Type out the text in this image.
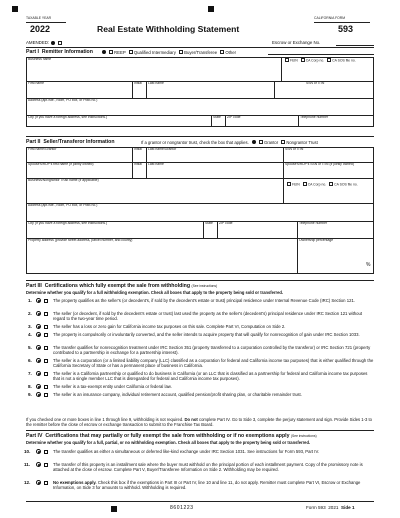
TAXABLE YEAR
2022	Real Estate Withholding Statement
CALIFORNIA FORM
593
AMENDED:	Escrow or Exchange No.
Part I Remitter Information	REEP Qualified Intermediary Buyer/Transferee Other
Business name	FEIN CA Corp no. CA SOS file no.
First name	Initial Last name	SSN or ITIN
Address (apt./ste., room, PO box, or PMB no.)
City (If you have a foreign address, see instructions.)	State ZIP code	Telephone number
Part II Seller/Transferor Information	If a grantor or nongrantor trust, check the box that applies.	Grantor Nongrantor Trust
First name/Grantor	Initial Last name/Grantor	SSN or ITIN
Spouse's/RDP's first name (if jointly owned)	Initial Last name	Spouse's/RDP's SSN or ITIN (if jointly owned)
Business/Nongrantor Trust name (if applicable)
FEIN CA Corp no. CA SOS file no.
Address (apt./ste., room, PO box, or PMB no.)
City (If you have a foreign address, see instructions.)	State ZIP code	Telephone number
Property address (provide street address, parcel number, and county)	Ownership percentage
%
Part III Certifications which fully exempt the sale from withholding (See instructions)
Determine whether you qualify for a full withholding exemption. Check all boxes that apply to the property being sold or transferred.
1.	The property qualifies as the seller's (or decedent's, if sold by the decedent's estate or trust) principal residence under Internal Revenue Code (IRC) Section 121.
2.	The seller (or decedent, if sold by the decedent's estate or trust) last used the property as the seller's (decedent's) principal residence under IRC Section 121 without regard to the two-year time period.
3.	The seller has a loss or zero gain for California income tax purposes on this sale. Complete Part VI, Computation on Side 2.
4.	The property is compulsorily or involuntarily converted, and the seller intends to acquire property that will qualify for nonrecognition of gain under IRC Section 1033.
5.	The transfer qualifies for nonrecognition treatment under IRC Section 351 (property transferred to a corporation controlled by the transferor) or IRC Section 721 (property contributed to a partnership in exchange for a partnership interest).
6.	The seller is a corporation (or a limited liability company (LLC) classified as a corporation for federal and California income tax purposes) that is either qualified through the California Secretary of State or has a permanent place of business in California.
7.	The seller is a California partnership or qualified to do business in California (or an LLC that is classified as a partnership for federal and California income tax purposes that is not a single member LLC that is disregarded for federal and California income tax purposes).
8.	The seller is a tax-exempt entity under California or federal law.
9.	The seller is an insurance company, individual retirement account, qualified pension/profit sharing plan, or charitable remainder trust.
If you checked one or more boxes in line 1 through line 9, withholding is not required. Do not complete Part IV. Go to Side 3, complete the perjury statement and sign. Provide Sides 1-3 to the remitter before the close of escrow or exchange transaction to submit to the Franchise Tax Board.
Part IV Certifications that may partially or fully exempt the sale from withholding or if no exemptions apply (See instructions)
Determine whether you qualify for a full, partial, or no withholding exemption. Check all boxes that apply to the property being sold or transferred.
10.	The transfer qualifies as either a simultaneous or deferred like-kind exchange under IRC Section 1031. See instructions for Form 593, Part IV.
11.	The transfer of this property is an installment sale where the buyer must withhold on the principal portion of each installment payment. Copy of the promissory note is attached at the close of escrow. Complete Part V, Buyer/Transferee Information on Side 2. Withholding may be required.
12.	No exemptions apply. Check this box if the exemptions in Part III or Part IV, line 10 and line 11, do not apply. Remitter must complete Part VI, Escrow or Exchange Information, on Side 3 for amounts to withhold. Withholding is required.
8601223	Form 593 2021 Side 1
